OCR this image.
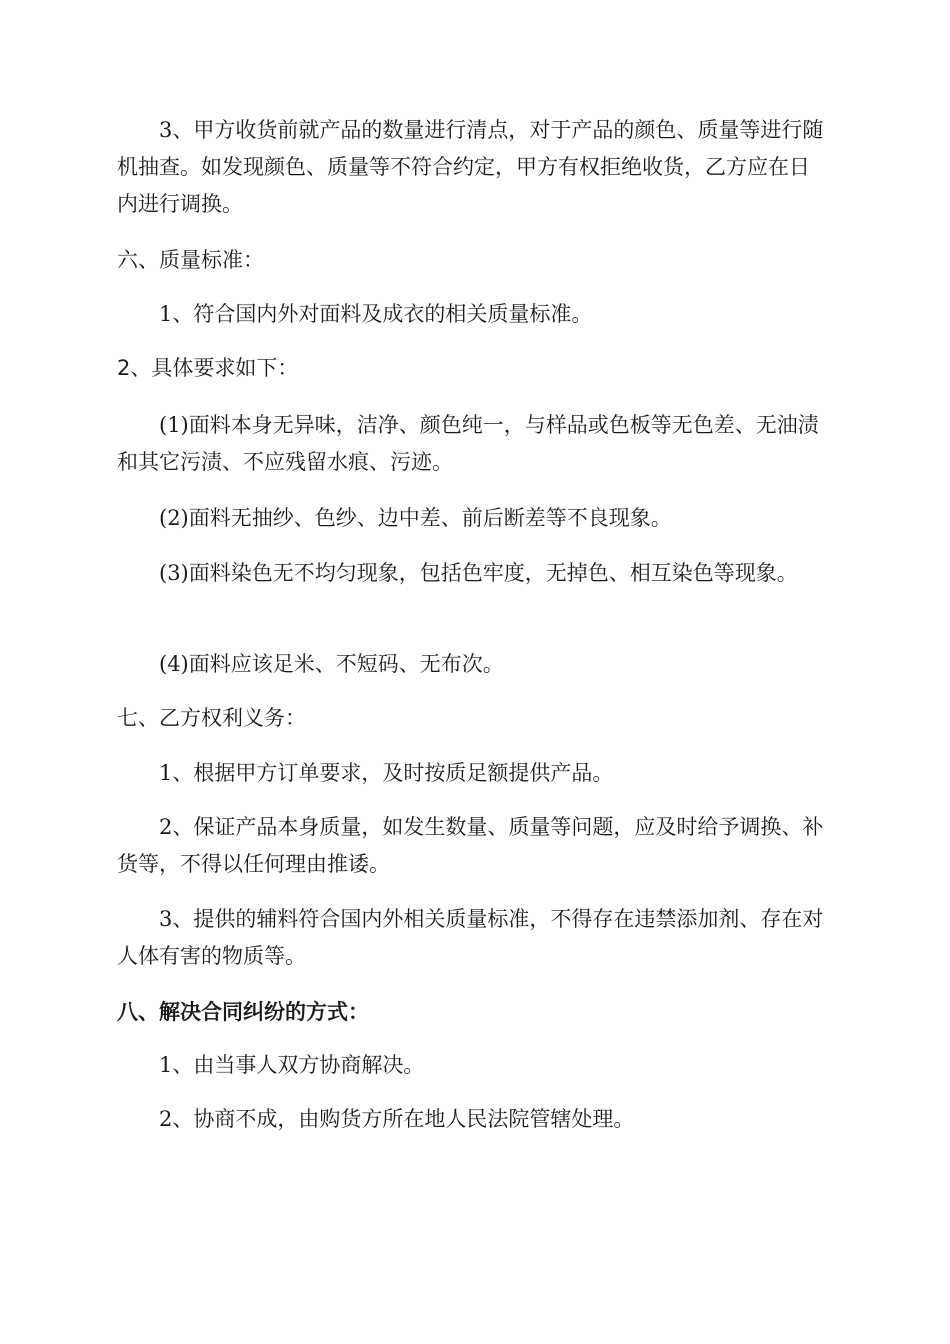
3、甲方收货前就产品的数量进行清点，对于产品的颜色、质量等进行随机抽查。如发现颜色、质量等不符合约定，甲方有权拒绝收货，乙方应在日内进行调换。

六、质量标准：

1、符合国内外对面料及成衣的相关质量标准。

2、具体要求如下：

(1)面料本身无异味，洁净、颜色纯一，与样品或色板等无色差、无油渍和其它污渍、不应残留水痕、污迹。

(2)面料无抽纱、色纱、边中差、前后断差等不良现象。

(3)面料染色无不均匀现象，包括色牢度，无掉色、相互染色等现象。

(4)面料应该足米、不短码、无布次。

七、乙方权利义务：

1、根据甲方订单要求，及时按质足额提供产品。

2、保证产品本身质量，如发生数量、质量等问题，应及时给予调换、补货等，不得以任何理由推诿。

3、提供的辅料符合国内外相关质量标准，不得存在违禁添加剂、存在对人体有害的物质等。

八、解决合同纠纷的方式：

1、由当事人双方协商解决。

2、协商不成，由购货方所在地人民法院管辖处理。
